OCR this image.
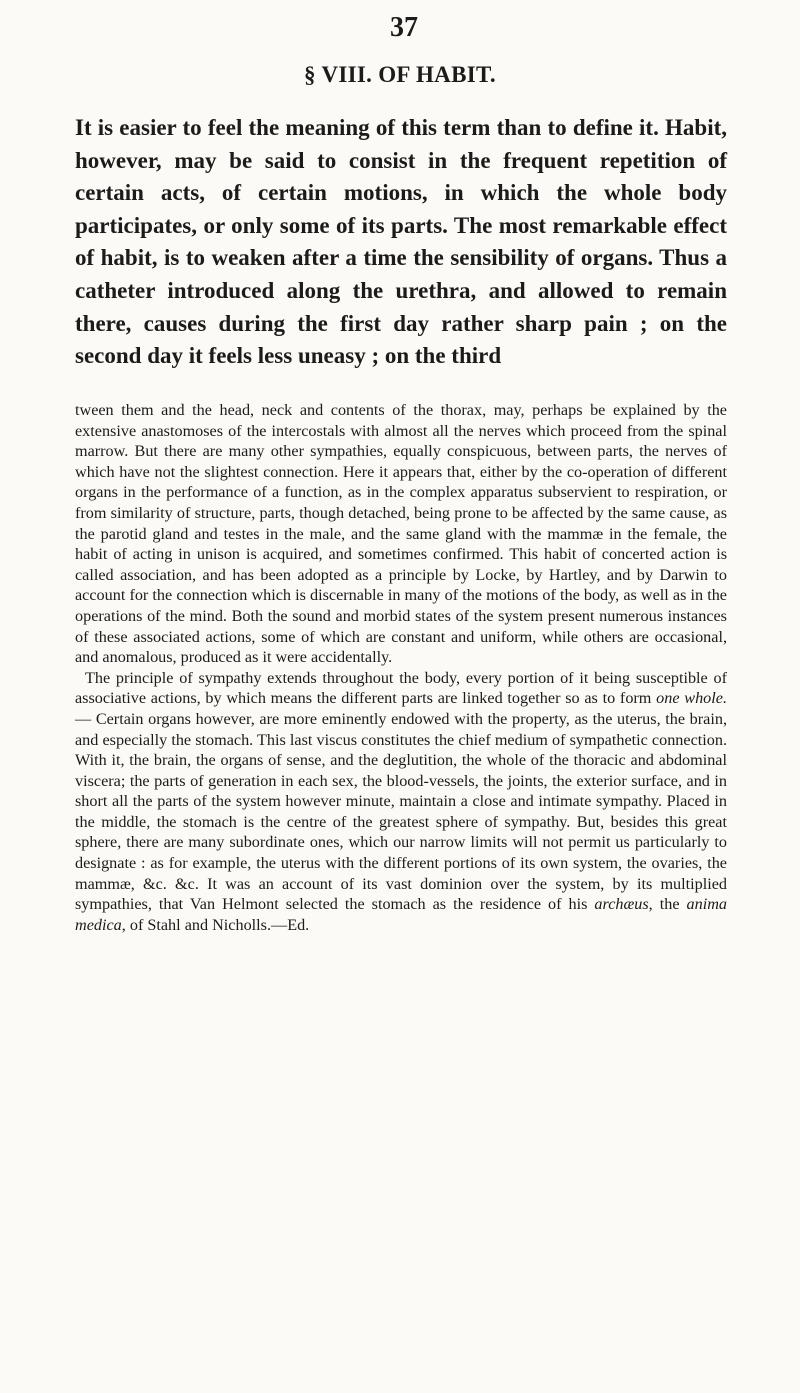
37
§ VIII. OF HABIT.

It is easier to feel the meaning of this term than to define it. Habit, however, may be said to consist in the frequent repetition of certain acts, of certain motions, in which the whole body participates, or only some of its parts. The most remarkable effect of habit, is to weaken after a time the sensibility of organs. Thus a catheter introduced along the urethra, and allowed to remain there, causes during the first day rather sharp pain ; on the second day it feels less uneasy ; on the third

tween them and the head, neck and contents of the thorax, may, perhaps be explained by the extensive anastomoses of the intercostals with almost all the nerves which proceed from the spinal marrow. But there are many other sympathies, equally conspicuous, between parts, the nerves of which have not the slightest connection. Here it appears that, either by the co-operation of different organs in the performance of a function, as in the complex apparatus subservient to respiration, or from similarity of structure, parts, though detached, being prone to be affected by the same cause, as the parotid gland and testes in the male, and the same gland with the mammæ in the female, the habit of acting in unison is acquired, and sometimes confirmed. This habit of concerted action is called association, and has been adopted as a principle by Locke, by Hartley, and by Darwin to account for the connection which is discernable in many of the motions of the body, as well as in the operations of the mind. Both the sound and morbid states of the system present numerous instances of these associated actions, some of which are constant and uniform, while others are occasional, and anomalous, produced as it were accidentally.

The principle of sympathy extends throughout the body, every portion of it being susceptible of associative actions, by which means the different parts are linked together so as to form one whole.— Certain organs however, are more eminently endowed with the property, as the uterus, the brain, and especially the stomach. This last viscus constitutes the chief medium of sympathetic connection. With it, the brain, the organs of sense, and the deglutition, the whole of the thoracic and abdominal viscera; the parts of generation in each sex, the blood-vessels, the joints, the exterior surface, and in short all the parts of the system however minute, maintain a close and intimate sympathy. Placed in the middle, the stomach is the centre of the greatest sphere of sympathy. But, besides this great sphere, there are many subordinate ones, which our narrow limits will not permit us particularly to designate : as for example, the uterus with the different portions of its own system, the ovaries, the mammæ, &c. &c. It was an account of its vast dominion over the system, by its multiplied sympathies, that Van Helmont selected the stomach as the residence of his archæus, the anima medica, of Stahl and Nicholls.—Ed.
